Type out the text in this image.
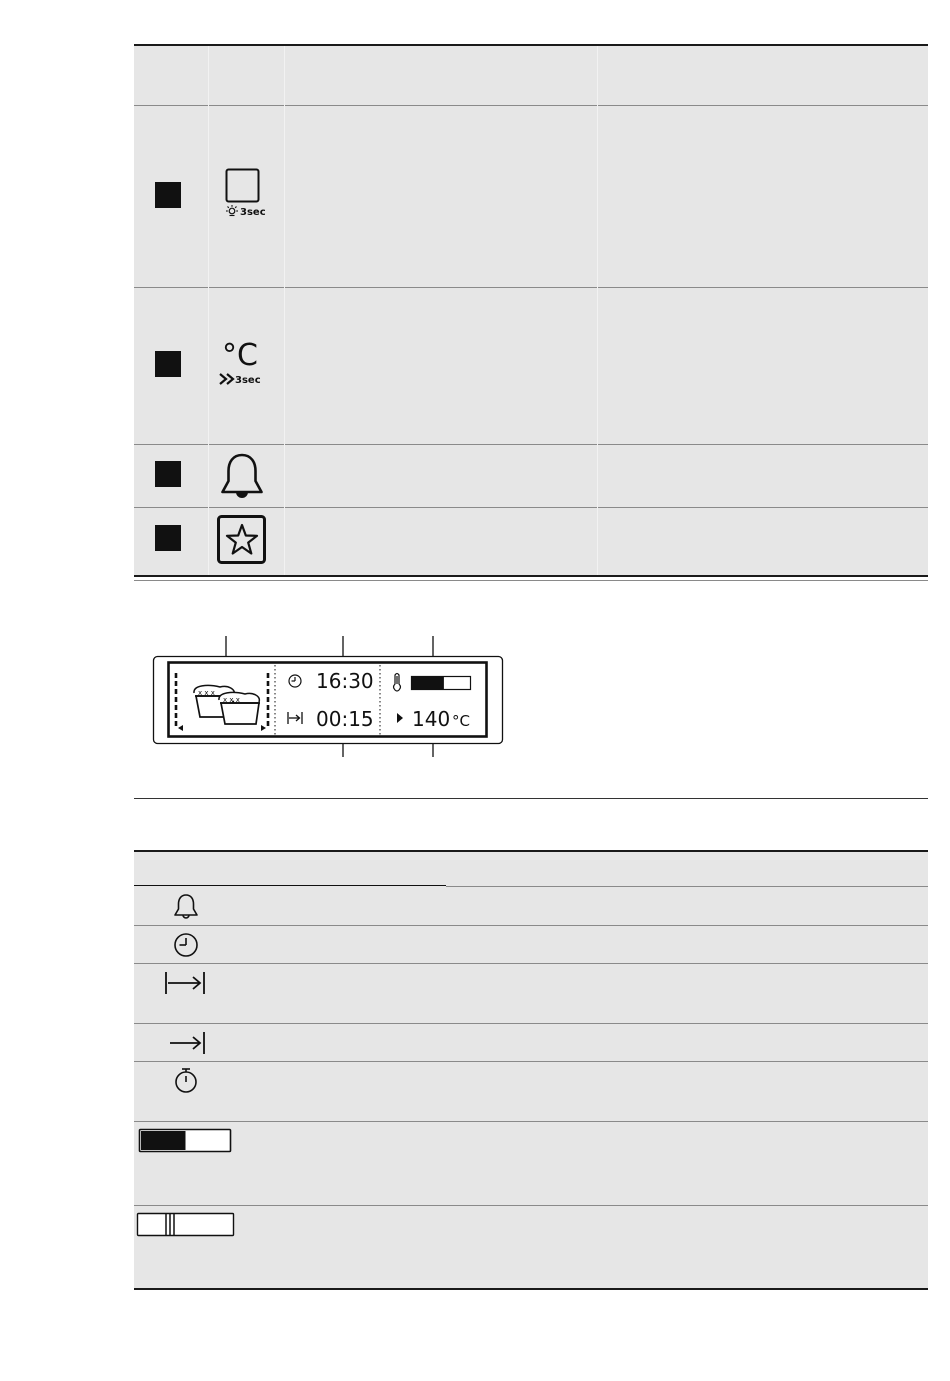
3sec
°C
3sec
x x x
x x x
16:30
00:15 140 °C
